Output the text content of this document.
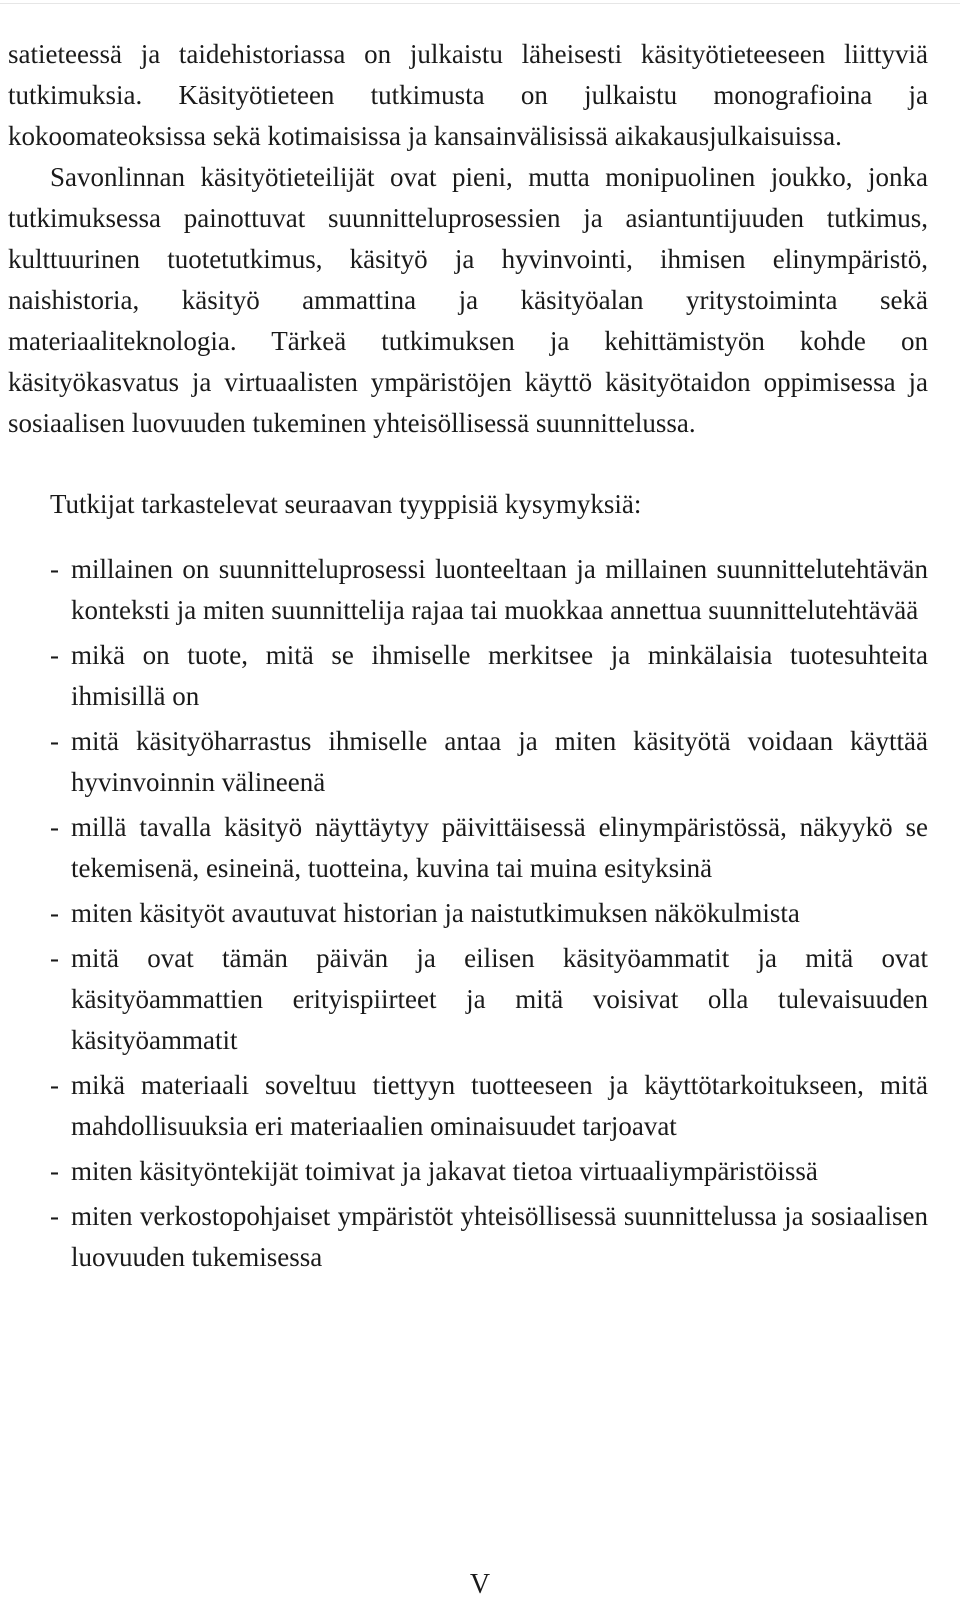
satieteessä ja taidehistoriassa on julkaistu läheisesti käsityötieteeseen liittyviä tutkimuksia. Käsityötieteen tutkimusta on julkaistu monografioina ja kokoomateoksissa sekä kotimaisissa ja kansainvälisissä aikakausjulkaisuissa.

Savonlinnan käsityötieteilijät ovat pieni, mutta monipuolinen joukko, jonka tutkimuksessa painottuvat suunnitteluprosessien ja asiantuntijuuden tutkimus, kulttuurinen tuotetutkimus, käsityö ja hyvinvointi, ihmisen elinympäristö, naishistoria, käsityö ammattina ja käsityöalan yritystoiminta sekä materiaaliteknologia. Tärkeä tutkimuksen ja kehittämistyön kohde on käsityökasvatus ja virtuaalisten ympäristöjen käyttö käsityötaidon oppimisessa ja sosiaalisen luovuuden tukeminen yhteisöllisessä suunnittelussa.

Tutkijat tarkastelevat seuraavan tyyppisiä kysymyksiä:

- millainen on suunnitteluprosessi luonteeltaan ja millainen suunnittelutehtävän konteksti ja miten suunnittelija rajaa tai muokkaa annettua suunnittelutehtävää
- mikä on tuote, mitä se ihmiselle merkitsee ja minkälaisia tuotesuhteita ihmisillä on
- mitä käsityöharrastus ihmiselle antaa ja miten käsityötä voidaan käyttää hyvinvoinnin välineenä
- millä tavalla käsityö näyttäytyy päivittäisessä elinympäristössä, näkyykö se tekemisenä, esineinä, tuotteina, kuvina tai muina esityksinä
- miten käsityöt avautuvat historian ja naistutkimuksen näkökulmista
- mitä ovat tämän päivän ja eilisen käsityöammatit ja mitä ovat käsityöammattien erityispiirteet ja mitä voisivat olla tulevaisuuden käsityöammatit
- mikä materiaali soveltuu tiettyyn tuotteeseen ja käyttötarkoitukseen, mitä mahdollisuuksia eri materiaalien ominaisuudet tarjoavat
- miten käsityöntekijät toimivat ja jakavat tietoa virtuaaliympäristöissä
- miten verkostopohjaiset ympäristöt yhteisöllisessä suunnittelussa ja sosiaalisen luovuuden tukemisessa
V
